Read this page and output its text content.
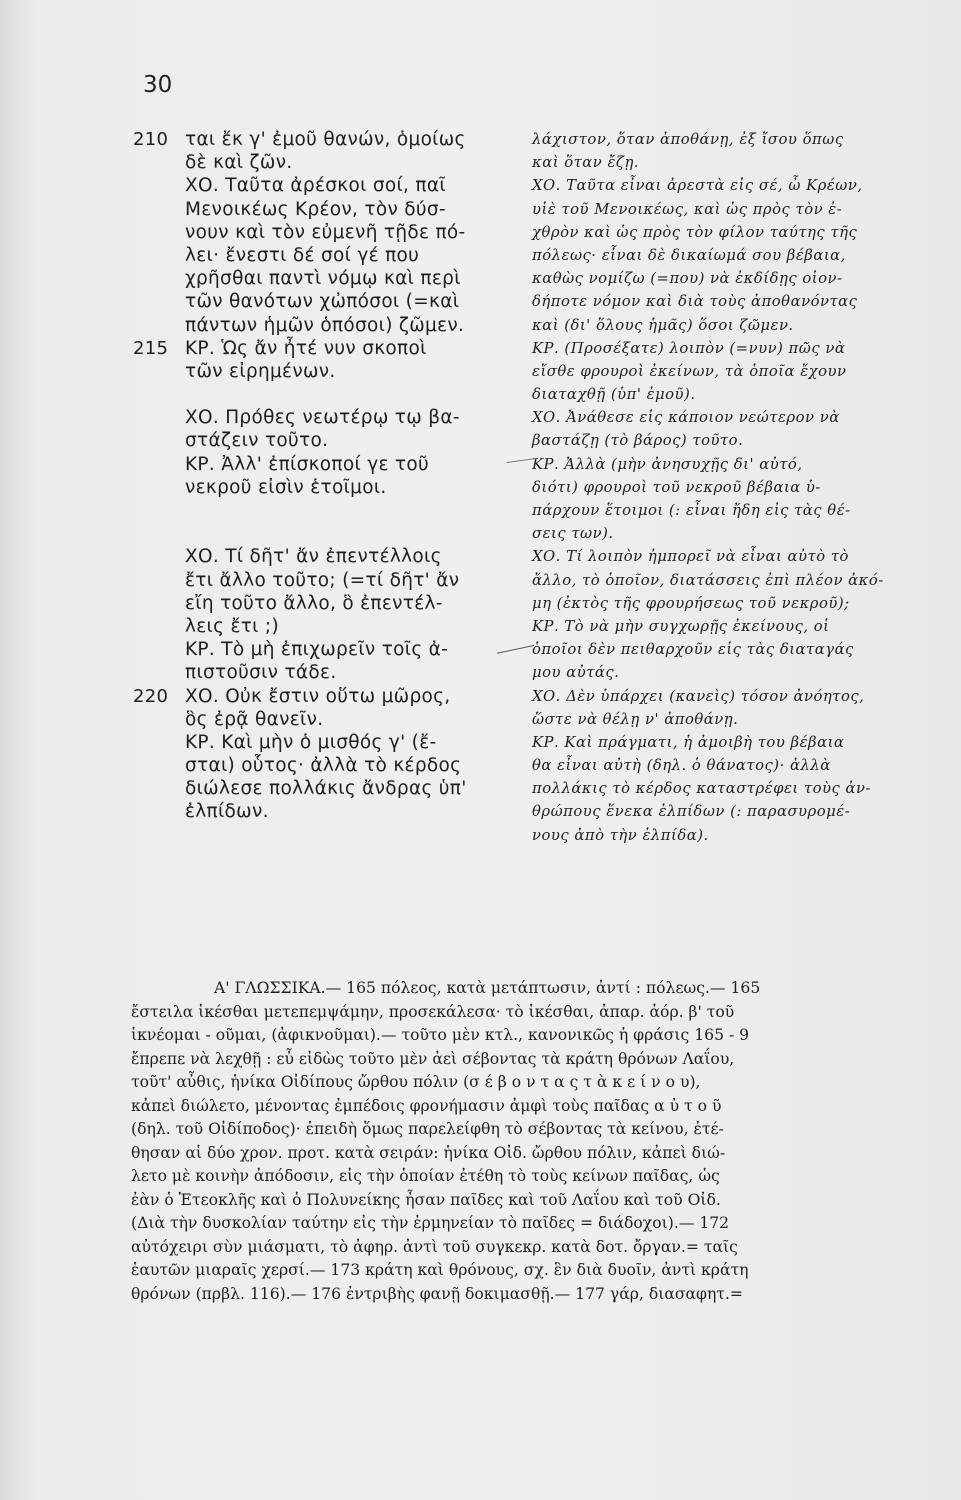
30
210 ται ἔκ γ' ἐμοῦ θανών, ὁμοίως
δὲ καὶ ζῶν.
ΧΟ. Ταῦτα ἀρέσκοι σοί, παῖ
Μενοικέως Κρέον, τὸν δύσ-
νουν καὶ τὸν εὐμενῆ τῇδε πό-
λει· ἔνεστι δέ σοί γέ που
χρῆσθαι παντὶ νόμῳ καὶ περὶ
τῶν θανότων χὠπόσοι (=καὶ
πάντων ἡμῶν ὁπόσοι) ζῶμεν.
215 ΚΡ. Ὡς ἄν ἦτέ νυν σκοποὶ
τῶν εἰρημένων.
ΧΟ. Πρόθες νεωτέρῳ τῳ βα-
στάζειν τοῦτο.
ΚΡ. Ἀλλ' ἐπίσκοποί γε τοῦ
νεκροῦ εἰσὶν ἑτοῖμοι.
ΧΟ. Τί δῆτ' ἄν ἐπεντέλλοις
ἔτι ἄλλο τοῦτο; (=τί δῆτ' ἄν
εἴη τοῦτο ἄλλο, ὃ ἐπεντέλ-
λεις ἔτι ;)
ΚΡ. Τὸ μὴ ἐπιχωρεῖν τοῖς ἀ-
πιστοῦσιν τάδε.
220 ΧΟ. Οὐκ ἔστιν οὕτω μῶρος,
ὃς ἐρᾷ θανεῖν.
ΚΡ. Καὶ μὴν ὁ μισθός γ' (ἔ-
σται) οὗτος· ἀλλὰ τὸ κέρδος
διώλεσε πολλάκις ἄνδρας ὑπ'
ἐλπίδων.
λάχιστον, ὅταν ἀποθάνῃ, ἐξ ἴσου ὅπως
καὶ ὅταν ἔζῃ.
ΧΟ. Ταῦτα εἶναι ἀρεστὰ εἰς σέ, ὦ Κρέων,
υἱὲ τοῦ Μενοικέως, καὶ ὡς πρὸς τὸν ἐ-
χθρὸν καὶ ὡς πρὸς τὸν φίλον ταύτης τῆς
πόλεως· εἶναι δὲ δικαίωμά σου βέβαια,
καθὼς νομίζω (=που) νὰ ἐκδίδῃς οἱον-
δήποτε νόμον καὶ διὰ τοὺς ἀποθανόντας
καὶ (δι' ὅλους ἡμᾶς) ὅσοι ζῶμεν.
ΚΡ. (Προσέξατε) λοιπὸν (=νυν) πῶς νὰ
εἴσθε φρουροὶ ἐκείνων, τὰ ὁποῖα ἔχουν
διαταχθῇ (ὑπ' ἐμοῦ).
ΧΟ. Ἀνάθεσε εἰς κάποιον νεώτερον νὰ
βαστάζῃ (τὸ βάρος) τοῦτο.
ΚΡ. Ἀλλὰ (μὴν ἀνησυχῇς δι' αὐτό,
διότι) φρουροὶ τοῦ νεκροῦ βέβαια ὑ-
πάρχουν ἕτοιμοι (: εἶναι ἤδη εἰς τὰς θέ-
σεις των).
ΧΟ. Τί λοιπὸν ἠμπορεῖ νὰ εἶναι αὐτὸ τὸ
ἄλλο, τὸ ὁποῖον, διατάσσεις ἐπὶ πλέον ἀκό-
μη (ἐκτὸς τῆς φρουρήσεως τοῦ νεκροῦ);
ΚΡ. Τὸ νὰ μὴν συγχωρῇς ἐκείνους, οἱ
ὁποῖοι δὲν πειθαρχοῦν εἰς τὰς διαταγάς
μου αὐτάς.
ΧΟ. Δὲν ὑπάρχει (κανεὶς) τόσον ἀνόητος,
ὥστε νὰ θέλῃ ν' ἀποθάνῃ.
ΚΡ. Καὶ πράγματι, ἡ ἀμοιβὴ του βέβαια
θα εἶναι αὐτὴ (δηλ. ὁ θάνατος)· ἀλλὰ
πολλάκις τὸ κέρδος καταστρέφει τοὺς ἀν-
θρώπους ἕνεκα ἐλπίδων (: παρασυρομέ-
νους ἀπὸ τὴν ἐλπίδα).
Α' ΓΛΩΣΣΙΚΑ.— 165 πόλεος, κατὰ μετάπτωσιν, ἀντί : πόλεως.— 165
ἔστειλα ἱκέσθαι μετεπεμψάμην, προσεκάλεσα· τὸ ἱκέσθαι, ἀπαρ. ἀόρ. β' τοῦ
ἱκνέομαι - οῦμαι, (ἀφικνοῦμαι).— τοῦτο μὲν κτλ., κανονικῶς ἡ φράσις 165 - 9
ἔπρεπε νὰ λεχθῇ : εὖ εἰδὼς τοῦτο μὲν ἀεὶ σέβοντας τὰ κράτη θρόνων Λαΐου,
τοῦτ' αὖθις, ἡνίκα Οἰδίπους ὤρθου πόλιν (σ έ β ο ν τ α ς τ ὰ κ ε ί ν ο υ),
κἀπεὶ διώλετο, μένοντας ἐμπέδοις φρονήμασιν ἀμφὶ τοὺς παῖδας α ὐ τ ο ῦ
(δηλ. τοῦ Οἰδίποδος)· ἐπειδὴ ὅμως παρελείφθη τὸ σέβοντας τὰ κείνου, ἐτέ-
θησαν αἱ δύο χρον. προτ. κατὰ σειράν: ἡνίκα Οἰδ. ὤρθου πόλιν, κἀπεὶ διώ-
λετο μὲ κοινὴν ἀπόδοσιν, εἰς τὴν ὁποίαν ἐτέθη τὸ τοὺς κείνων παῖδας, ὡς
ἐὰν ὁ Ἐτεοκλῆς καὶ ὁ Πολυνείκης ἦσαν παῖδες καὶ τοῦ Λαΐου καὶ τοῦ Οἰδ.
(Διὰ τὴν δυσκολίαν ταύτην εἰς τὴν ἑρμηνείαν τὸ παῖδες = διάδοχοι).— 172
αὐτόχειρι σὺν μιάσματι, τὸ ἀφηρ. ἀντὶ τοῦ συγκεκρ. κατὰ δοτ. ὄργαν.= ταῖς
ἑαυτῶν μιαραῖς χερσί.— 173 κράτη καὶ θρόνους, σχ. ἓν διὰ δυοῖν, ἀντὶ κράτη
θρόνων (πρβλ. 116).— 176 ἐντριβὴς φανῇ δοκιμασθῇ.— 177 γάρ, διασαφητ.=
